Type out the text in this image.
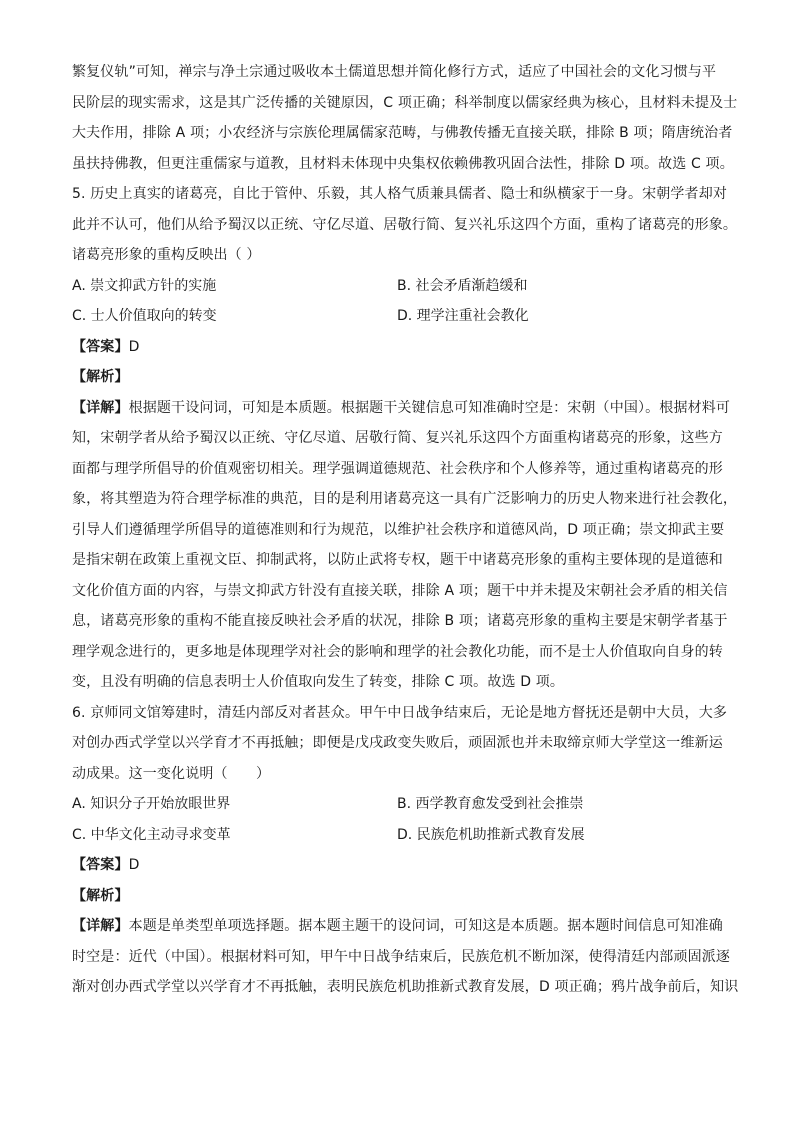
繁复仪轨”可知，禅宗与净土宗通过吸收本土儒道思想并简化修行方式，适应了中国社会的文化习惯与平
民阶层的现实需求，这是其广泛传播的关键原因，C 项正确；科举制度以儒家经典为核心，且材料未提及士
大夫作用，排除 A 项；小农经济与宗族伦理属儒家范畴，与佛教传播无直接关联，排除 B 项；隋唐统治者
虽扶持佛教，但更注重儒家与道教，且材料未体现中央集权依赖佛教巩固合法性，排除 D 项。故选 C 项。
5. 历史上真实的诸葛亮，自比于管仲、乐毅，其人格气质兼具儒者、隐士和纵横家于一身。宋朝学者却对
此并不认可，他们从给予蜀汉以正统、守亿尽道、居敬行简、复兴礼乐这四个方面，重构了诸葛亮的形象。
诸葛亮形象的重构反映出（ ）
A. 崇文抑武方针的实施	B. 社会矛盾渐趋缓和
C. 士人价值取向的转变	D. 理学注重社会教化
【答案】D
【解析】
【详解】根据题干设问词，可知是本质题。根据题干关键信息可知准确时空是：宋朝（中国）。根据材料可
知，宋朝学者从给予蜀汉以正统、守亿尽道、居敬行简、复兴礼乐这四个方面重构诸葛亮的形象，这些方
面都与理学所倡导的价值观密切相关。理学强调道德规范、社会秩序和个人修养等，通过重构诸葛亮的形
象，将其塑造为符合理学标准的典范，目的是利用诸葛亮这一具有广泛影响力的历史人物来进行社会教化，
引导人们遵循理学所倡导的道德准则和行为规范，以维护社会秩序和道德风尚，D 项正确；崇文抑武主要
是指宋朝在政策上重视文臣、抑制武将，以防止武将专权，题干中诸葛亮形象的重构主要体现的是道德和
文化价值方面的内容，与崇文抑武方针没有直接关联，排除 A 项；题干中并未提及宋朝社会矛盾的相关信
息，诸葛亮形象的重构不能直接反映社会矛盾的状况，排除 B 项；诸葛亮形象的重构主要是宋朝学者基于
理学观念进行的，更多地是体现理学对社会的影响和理学的社会教化功能，而不是士人价值取向自身的转
变，且没有明确的信息表明士人价值取向发生了转变，排除 C 项。故选 D 项。
6. 京师同文馆筹建时，清廷内部反对者甚众。甲午中日战争结束后，无论是地方督抚还是朝中大员，大多
对创办西式学堂以兴学育才不再抵触；即便是戊戌政变失败后，顽固派也并未取缔京师大学堂这一维新运
动成果。这一变化说明（　　）
A. 知识分子开始放眼世界	B. 西学教育愈发受到社会推崇
C. 中华文化主动寻求变革	D. 民族危机助推新式教育发展
【答案】D
【解析】
【详解】本题是单类型单项选择题。据本题主题干的设问词，可知这是本质题。据本题时间信息可知准确
时空是：近代（中国）。根据材料可知，甲午中日战争结束后，民族危机不断加深，使得清廷内部顽固派逐
渐对创办西式学堂以兴学育才不再抵触，表明民族危机助推新式教育发展，D 项正确；鸦片战争前后，知识
